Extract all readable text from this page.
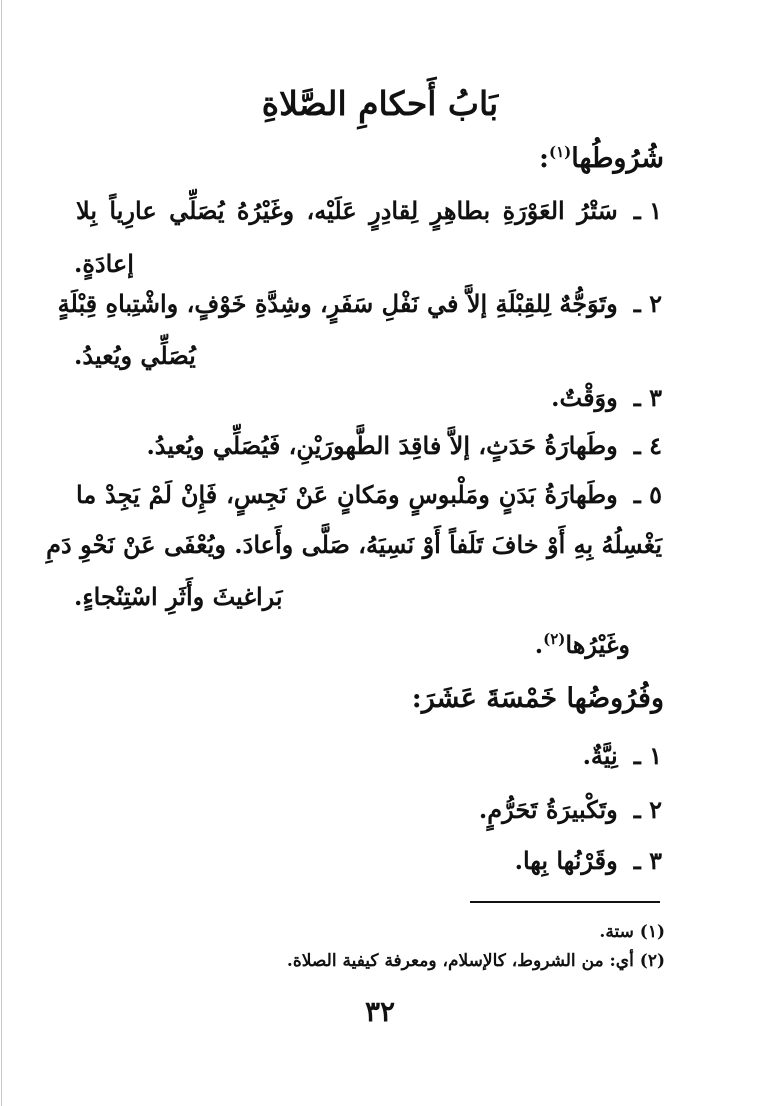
بَابُ أَحكامِ الصَّلاةِ
شُرُوطُها$^{(١)}$:
١ ـسَتْرُ العَوْرَةِ بطاهِرٍ لِقادِرٍ عَلَيْه، وغَيْرُهُ يُصَلِّي عارِياً بِلا
إعادَةٍ.
٢ ـوتَوَجُّهٌ لِلقِبْلَةِ إلاَّ في نَفْلِ سَفَرٍ، وشِدَّةِ خَوْفٍ، واشْتِباهِ قِبْلَةٍ
يُصَلِّي ويُعيدُ.
٣ ـووَقْتٌ.
٤ ـوطَهارَةُ حَدَثٍ، إلاَّ فاقِدَ الطَّهورَيْنِ، فَيُصَلِّي ويُعيدُ.
٥ ـوطَهارَةُ بَدَنٍ ومَلْبوسٍ ومَكانٍ عَنْ نَجِسٍ، فَإِنْ لَمْ يَجِدْ ما
يَغْسِلُهُ بِهِ أَوْ خافَ تَلَفاً أَوْ نَسِيَهُ، صَلَّى وأَعادَ. ويُعْفَى عَنْ نَحْوِ دَمِ
بَراغيثَ وأَثَرِ اسْتِنْجاءٍ.
وغَيْرُها$^{(٢)}$.
وفُرُوضُها خَمْسَةَ عَشَرَ:
١ ـنِيَّةٌ.
٢ ـوتَكْبيرَةُ تَحَرُّمٍ.
٣ ـوقَرْنُها بِها.
(١) ستة.
(٢) أي: من الشروط، كالإسلام، ومعرفة كيفية الصلاة.
٣٢
